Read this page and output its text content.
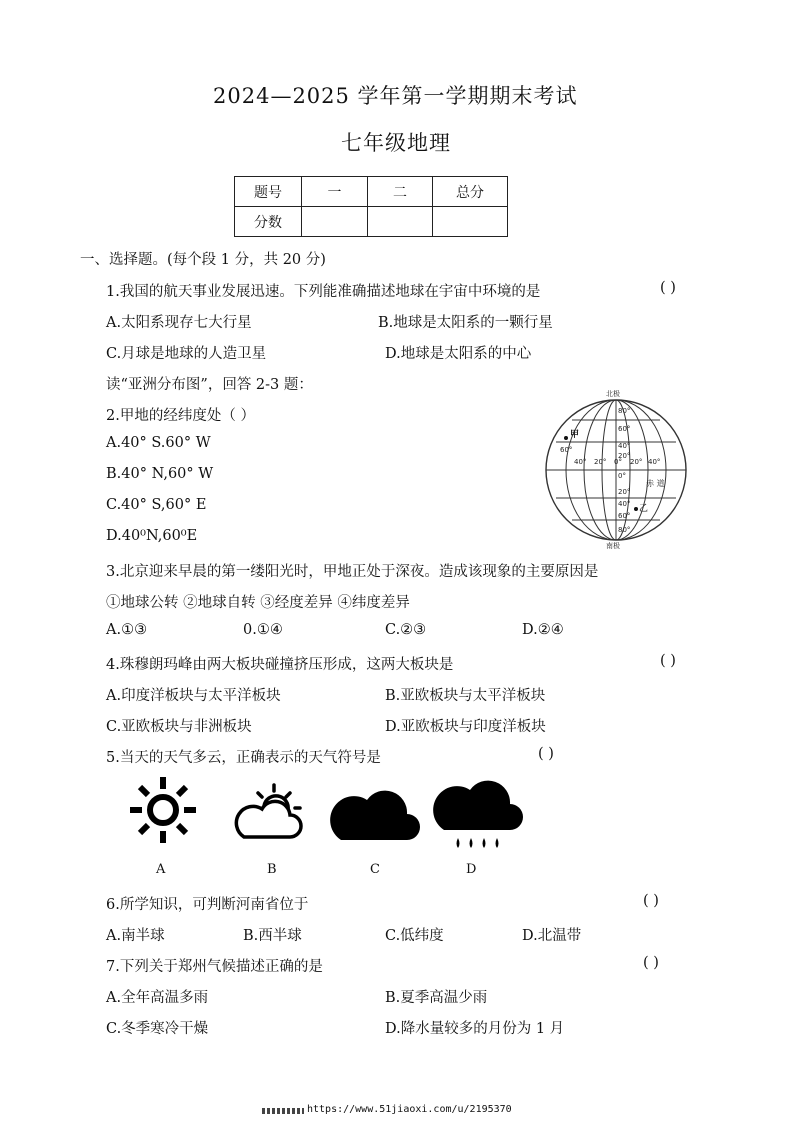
2024—2025 学年第一学期期末考试
七年级地理
题号	一	二	总分
分数			
一、选择题。(每个段 1 分，共 20 分)
1.我国的航天事业发展迅速。下列能准确描述地球在宇宙中环境的是	( )
A.太阳系现存七大行星	B.地球是太阳系的一颗行星
C.月球是地球的人造卫星	D.地球是太阳系的中心
读“亚洲分布图”，回答 2-3 题：
2.甲地的经纬度处（ ）
A.40° S.60° W
B.40° N,60° W
C.40° S,60° E
D.40⁰N,60⁰E
北极
南极
甲
乙
赤 道
60°
40° 20° 0° 20° 40°
80°
60°
40°
20°
0°
20°
40°
60°
80°
3.北京迎来早晨的第一缕阳光时，甲地正处于深夜。造成该现象的主要原因是
①地球公转 ②地球自转 ③经度差异 ④纬度差异
A.①③	0.①④	C.②③	D.②④
4.珠穆朗玛峰由两大板块碰撞挤压形成，这两大板块是	( )
A.印度洋板块与太平洋板块	B.亚欧板块与太平洋板块
C.亚欧板块与非洲板块	D.亚欧板块与印度洋板块
5.当天的天气多云，正确表示的天气符号是	( )
A	B	C	D
6.所学知识，可判断河南省位于	( )
A.南半球	B.西半球	C.低纬度	D.北温带
7.下列关于郑州气候描述正确的是	( )
A.全年高温多雨	B.夏季高温少雨
C.冬季寒冷干燥	D.降水量较多的月份为 1 月
https://www.51jiaoxi.com/u/2195370
